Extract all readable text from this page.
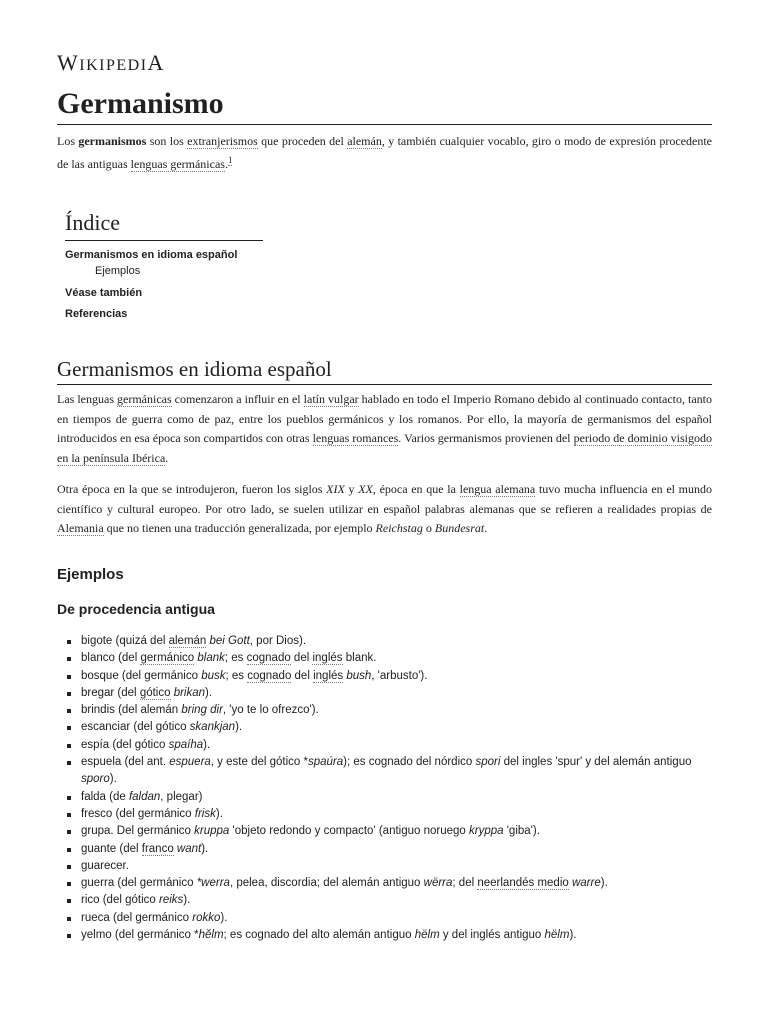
WIKIPEDIA
Germanismo

Los germanismos son los extranjerismos que proceden del alemán, y también cualquier vocablo, giro o modo de expresión procedente de las antiguas lenguas germánicas.$^1$

Índice
Germanismos en idioma español
Ejemplos
Véase también
Referencias
Germanismos en idioma español

Las lenguas germánicas comenzaron a influir en el latín vulgar hablado en todo el Imperio Romano debido al continuado contacto, tanto en tiempos de guerra como de paz, entre los pueblos germánicos y los romanos. Por ello, la mayoría de germanismos del español introducidos en esa época son compartidos con otras lenguas romances. Varios germanismos provienen del periodo de dominio visigodo en la península Ibérica.

Otra época en la que se introdujeron, fueron los siglos XIX y XX, época en que la lengua alemana tuvo mucha influencia en el mundo científico y cultural europeo. Por otro lado, se suelen utilizar en español palabras alemanas que se refieren a realidades propias de Alemania que no tienen una traducción generalizada, por ejemplo Reichstag o Bundesrat.

Ejemplos
De procedencia antigua
bigote (quizá del alemán bei Gott, por Dios).
blanco (del germánico blank; es cognado del inglés blank.
bosque (del germánico busk; es cognado del inglés bush, 'arbusto').
bregar (del gótico brikan).
brindis (del alemán bring dir, 'yo te lo ofrezco').
escanciar (del gótico skankjan).
espía (del gótico spaíha).
espuela (del ant. espuera, y este del gótico *spaúra); es cognado del nórdico spori del ingles 'spur' y del alemán antiguo sporo).
falda (de faldan, plegar)
fresco (del germánico frisk).
grupa. Del germánico kruppa 'objeto redondo y compacto' (antiguo noruego kryppa 'giba').
guante (del franco want).
guarecer.
guerra (del germánico *werra, pelea, discordia; del alemán antiguo wërra; del neerlandés medio warre).
rico (del gótico reiks).
rueca (del germánico rokko).
yelmo (del germánico *hĕlm; es cognado del alto alemán antiguo hëlm y del inglés antiguo hëlm).
